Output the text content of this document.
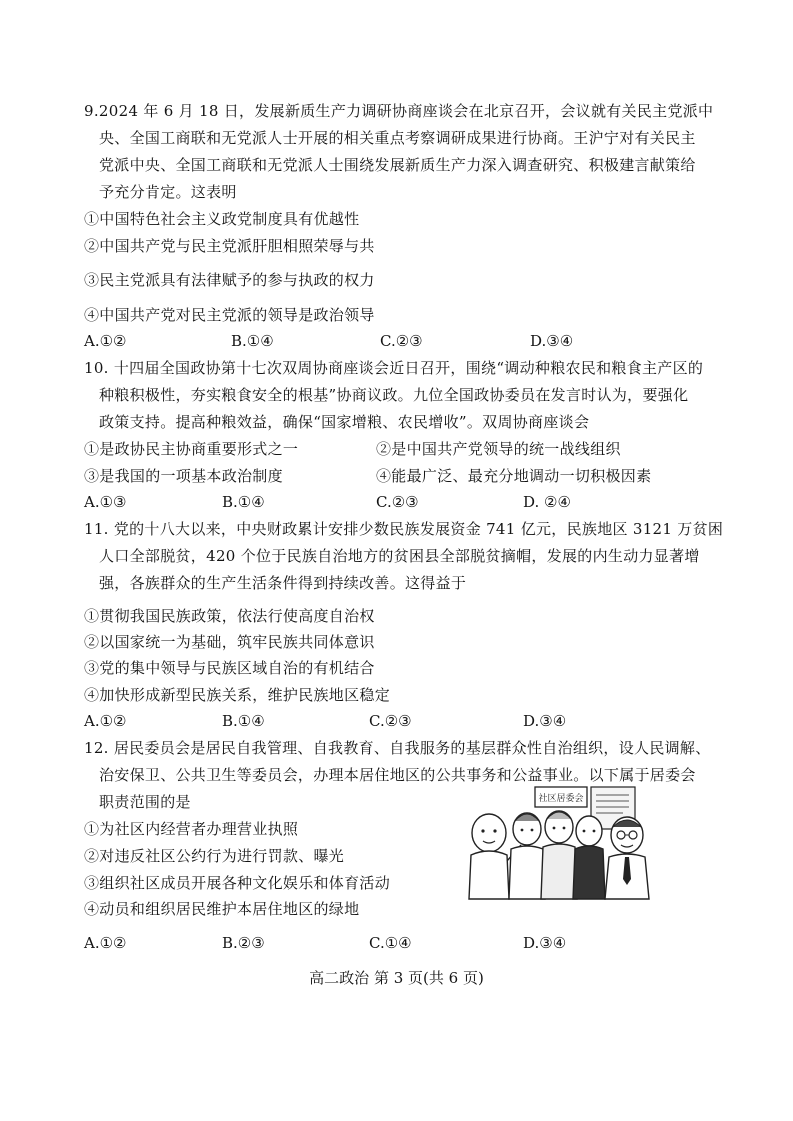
9.2024 年 6 月 18 日，发展新质生产力调研协商座谈会在北京召开，会议就有关民主党派中
央、全国工商联和无党派人士开展的相关重点考察调研成果进行协商。王沪宁对有关民主
党派中央、全国工商联和无党派人士围绕发展新质生产力深入调查研究、积极建言献策给
予充分肯定。这表明
①中国特色社会主义政党制度具有优越性
②中国共产党与民主党派肝胆相照荣辱与共
③民主党派具有法律赋予的参与执政的权力
④中国共产党对民主党派的领导是政治领导
A.①②	B.①④	C.②③	D.③④
10. 十四届全国政协第十七次双周协商座谈会近日召开，围绕“调动种粮农民和粮食主产区的
种粮积极性，夯实粮食安全的根基”协商议政。九位全国政协委员在发言时认为，要强化
政策支持。提高种粮效益，确保“国家增粮、农民增收”。双周协商座谈会
①是政协民主协商重要形式之一	②是中国共产党领导的统一战线组织
③是我国的一项基本政治制度	④能最广泛、最充分地调动一切积极因素
A.①③	B.①④	C.②③	D. ②④
11. 党的十八大以来，中央财政累计安排少数民族发展资金 741 亿元，民族地区 3121 万贫困
人口全部脱贫，420 个位于民族自治地方的贫困县全部脱贫摘帽，发展的内生动力显著增
强，各族群众的生产生活条件得到持续改善。这得益于
①贯彻我国民族政策，依法行使高度自治权
②以国家统一为基础，筑牢民族共同体意识
③党的集中领导与民族区域自治的有机结合
④加快形成新型民族关系，维护民族地区稳定
A.①②	B.①④	C.②③	D.③④
12. 居民委员会是居民自我管理、自我教育、自我服务的基层群众性自治组织，设人民调解、
治安保卫、公共卫生等委员会，办理本居住地区的公共事务和公益事业。以下属于居委会
职责范围的是
①为社区内经营者办理营业执照
②对违反社区公约行为进行罚款、曝光
③组织社区成员开展各种文化娱乐和体育活动
④动员和组织居民维护本居住地区的绿地
A.①②	B.②③	C.①④	D.③④
社区居委会
高二政治 第 3 页(共 6 页)
